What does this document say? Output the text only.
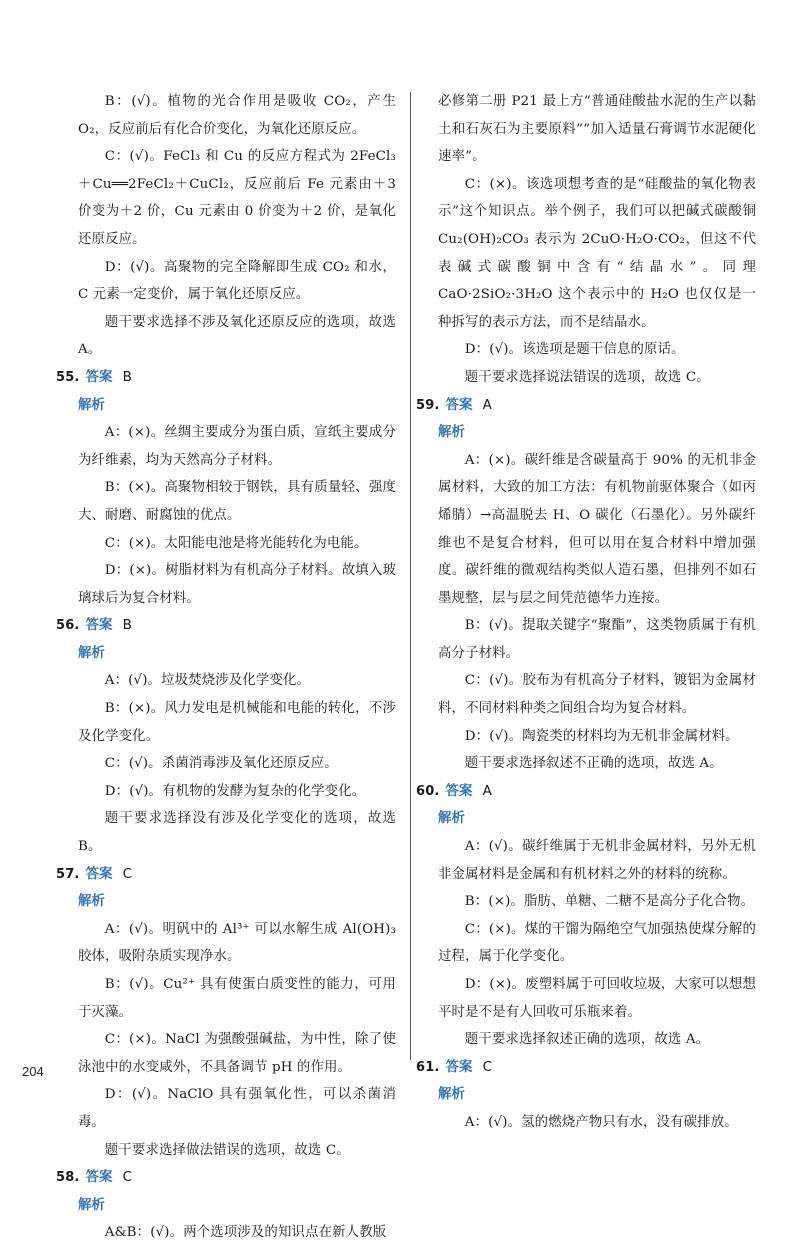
B：(√)。植物的光合作用是吸收 CO₂，产生 O₂，反应前后有化合价变化，为氧化还原反应。

C：(√)。FeCl₃ 和 Cu 的反应方程式为 2FeCl₃＋Cu══2FeCl₂＋CuCl₂，反应前后 Fe 元素由＋3 价变为＋2 价，Cu 元素由 0 价变为＋2 价，是氧化还原反应。

D：(√)。高聚物的完全降解即生成 CO₂ 和水，C 元素一定变价，属于氧化还原反应。

题干要求选择不涉及氧化还原反应的选项，故选 A。

55. 答案 B
解析

A：(×)。丝绸主要成分为蛋白质，宣纸主要成分为纤维素，均为天然高分子材料。

B：(×)。高聚物相较于钢铁，具有质量轻、强度大、耐磨、耐腐蚀的优点。

C：(×)。太阳能电池是将光能转化为电能。

D：(×)。树脂材料为有机高分子材料。故填入玻璃球后为复合材料。

56. 答案 B
解析

A：(√)。垃圾焚烧涉及化学变化。

B：(×)。风力发电是机械能和电能的转化，不涉及化学变化。

C：(√)。杀菌消毒涉及氧化还原反应。

D：(√)。有机物的发酵为复杂的化学变化。

题干要求选择没有涉及化学变化的选项，故选 B。

57. 答案 C
解析

A：(√)。明矾中的 Al³⁺ 可以水解生成 Al(OH)₃ 胶体，吸附杂质实现净水。

B：(√)。Cu²⁺ 具有使蛋白质变性的能力，可用于灭藻。

C：(×)。NaCl 为强酸强碱盐，为中性，除了使泳池中的水变咸外，不具备调节 pH 的作用。

D：(√)。NaClO 具有强氧化性，可以杀菌消毒。

题干要求选择做法错误的选项，故选 C。

58. 答案 C
解析

A&B：(√)。两个选项涉及的知识点在新人教版

必修第二册 P21 最上方“普通硅酸盐水泥的生产以黏土和石灰石为主要原料”“加入适量石膏调节水泥硬化速率”。

C：(×)。该选项想考查的是“硅酸盐的氧化物表示”这个知识点。举个例子，我们可以把碱式碳酸铜 Cu₂(OH)₂CO₃ 表示为 2CuO·H₂O·CO₂，但这不代表碱式碳酸铜中含有“结晶水”。同理 CaO·2SiO₂·3H₂O 这个表示中的 H₂O 也仅仅是一种拆写的表示方法，而不是结晶水。

D：(√)。该选项是题干信息的原话。

题干要求选择说法错误的选项，故选 C。

59. 答案 A
解析

A：(×)。碳纤维是含碳量高于 90% 的无机非金属材料，大致的加工方法：有机物前驱体聚合（如丙烯腈）→高温脱去 H、O 碳化（石墨化）。另外碳纤维也不是复合材料，但可以用在复合材料中增加强度。碳纤维的微观结构类似人造石墨，但排列不如石墨规整，层与层之间凭范德华力连接。

B：(√)。提取关键字“聚酯”，这类物质属于有机高分子材料。

C：(√)。胶布为有机高分子材料，镀铝为金属材料，不同材料种类之间组合均为复合材料。

D：(√)。陶瓷类的材料均为无机非金属材料。

题干要求选择叙述不正确的选项，故选 A。

60. 答案 A
解析

A：(√)。碳纤维属于无机非金属材料，另外无机非金属材料是金属和有机材料之外的材料的统称。

B：(×)。脂肪、单糖、二糖不是高分子化合物。

C：(×)。煤的干馏为隔绝空气加强热使煤分解的过程，属于化学变化。

D：(×)。废塑料属于可回收垃圾，大家可以想想平时是不是有人回收可乐瓶来着。

题干要求选择叙述正确的选项，故选 A。

61. 答案 C
解析

A：(√)。氢的燃烧产物只有水，没有碳排放。

204
